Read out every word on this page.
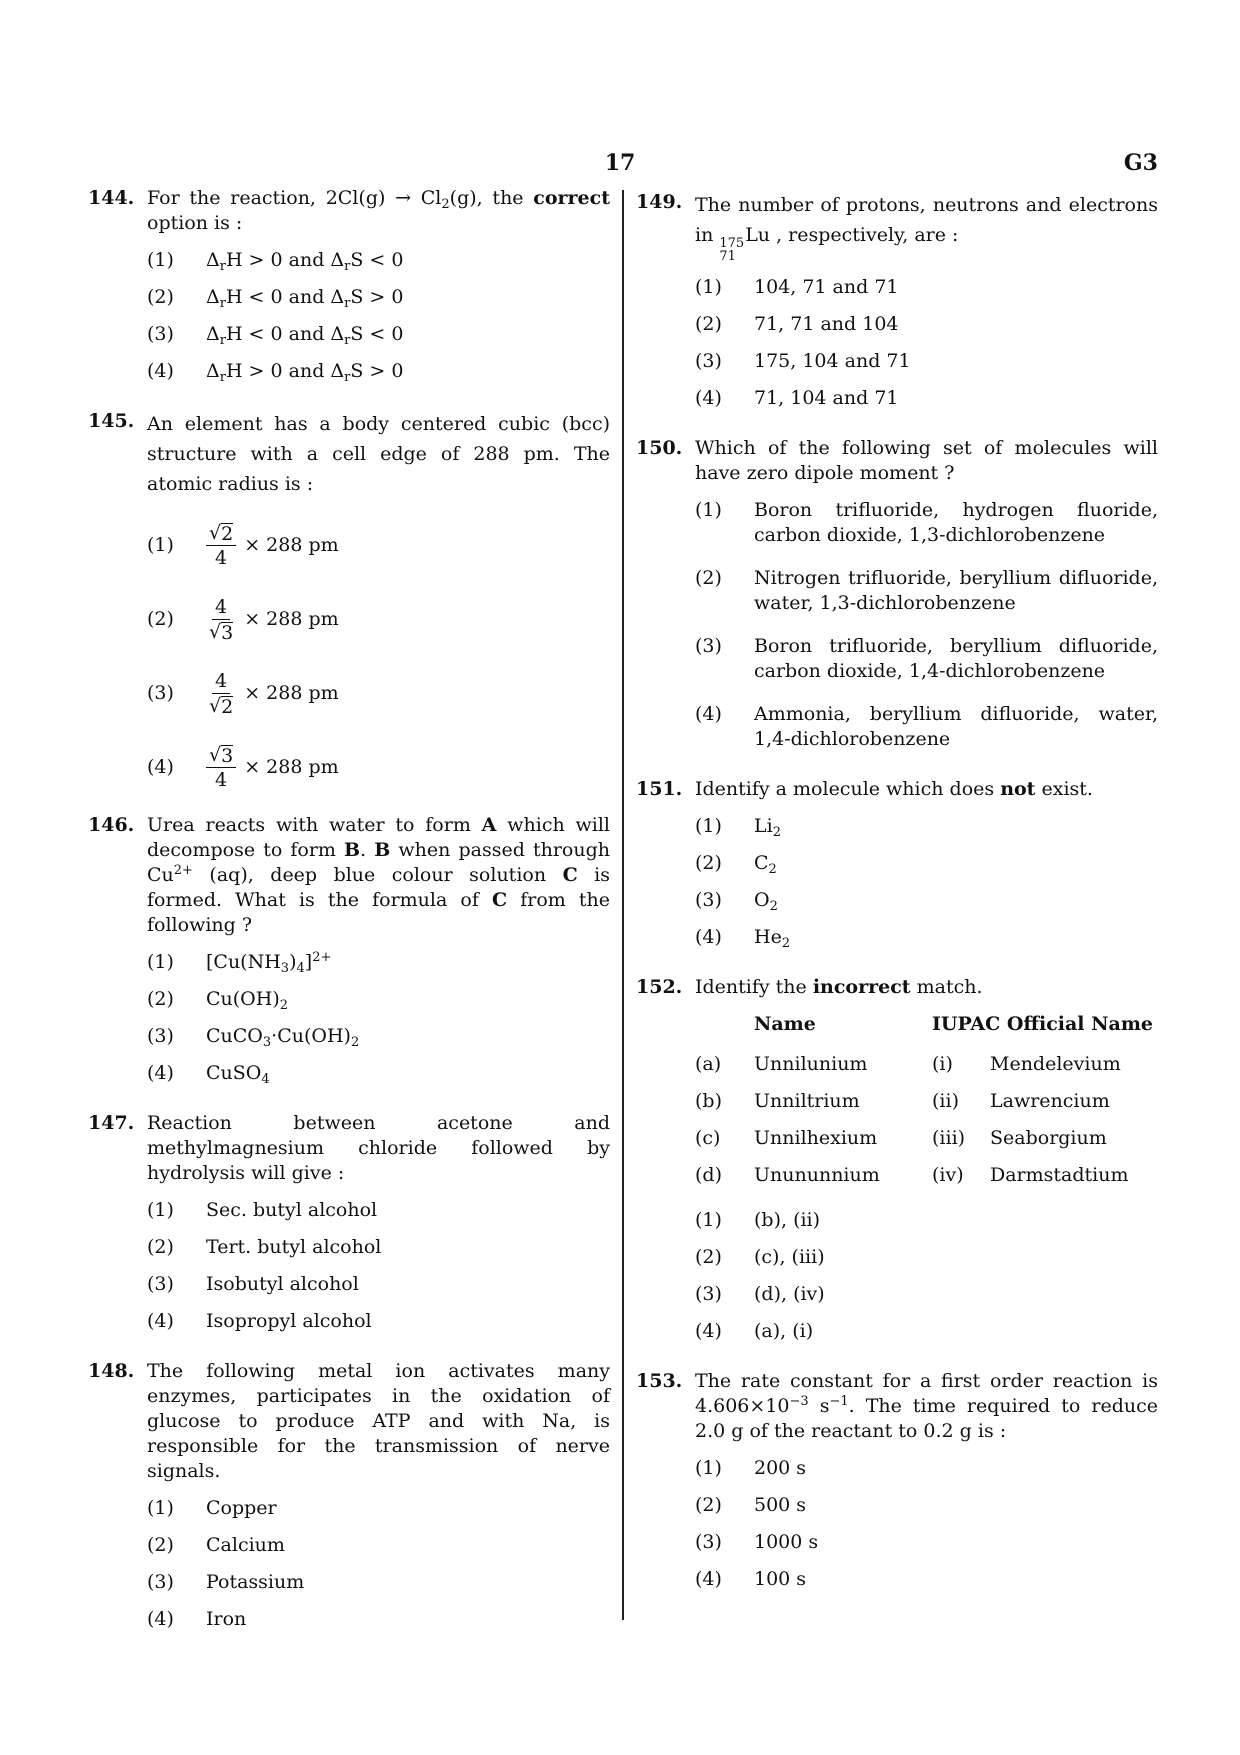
17	G3
144. For the reaction, $2Cl(g) \to Cl_2(g)$, the correct option is :
(1) $\Delta_rH > 0$ and $\Delta_rS < 0$
(2) $\Delta_rH < 0$ and $\Delta_rS > 0$
(3) $\Delta_rH < 0$ and $\Delta_rS < 0$
(4) $\Delta_rH > 0$ and $\Delta_rS > 0$
145. An element has a body centered cubic (bcc) structure with a cell edge of 288 pm. The atomic radius is :
(1)	$\frac{√ 2}{4} \times 288$ pm
(2)	$\frac{4}{√ 3} \times 288$ pm
(3)	$\frac{4}{√ 2} \times 288$ pm
(4)	$\frac{√ 3}{4} \times 288$ pm
146. Urea reacts with water to form A which will decompose to form B. B when passed through $Cu^{2+}$ (aq), deep blue colour solution C is formed. What is the formula of C from the following ?
(1) $[Cu(NH_3)_4]^{2+}$
(2) $Cu(OH)_2$
(3) $CuCO_3\cdot Cu(OH)_2$
(4) CuSO$_4$
147. Reaction between acetone and methylmagnesium chloride followed by hydrolysis will give :
(1) Sec. butyl alcohol
(2) Tert. butyl alcohol
(3) Isobutyl alcohol
(4) Isopropyl alcohol
148. The following metal ion activates many enzymes, participates in the oxidation of glucose to produce ATP and with Na, is responsible for the transmission of nerve signals.
(1) Copper
(2) Calcium
(3) Potassium
(4) Iron
149. The number of protons, neutrons and electrons in 175
71
Lu , respectively, are :
(1) 104, 71 and 71
(2) 71, 71 and 104
(3) 175, 104 and 71
(4) 71, 104 and 71
150. Which of the following set of molecules will have zero dipole moment ?
(1) Boron trifluoride, hydrogen fluoride, carbon dioxide, 1,3-dichlorobenzene
(2) Nitrogen trifluoride, beryllium difluoride, water, 1,3-dichlorobenzene
(3) Boron trifluoride, beryllium difluoride, carbon dioxide, 1,4-dichlorobenzene
(4) Ammonia, beryllium difluoride, water, 1,4-dichlorobenzene
151. Identify a molecule which does not exist.
(1) $Li_2$
(2) $C_2$
(3) $O_2$
(4) $He_2$
152. Identify the incorrect match.
	Name	IUPAC Official Name	
(a)	Unnilunium	(i)	Mendelevium
(b)	Unniltrium	(ii)	Lawrencium
(c)	Unnilhexium	(iii)	Seaborgium
(d)	Unununnium	(iv)	Darmstadtium
(1) (b), (ii)
(2) (c), (iii)
(3) (d), (iv)
(4) (a), (i)
153. The rate constant for a first order reaction is $4.606\times 10^{-3}$ $s^{-1}$. The time required to reduce 2.0 g of the reactant to 0.2 g is :
(1) 200 s
(2) 500 s
(3) 1000 s
(4) 100 s
